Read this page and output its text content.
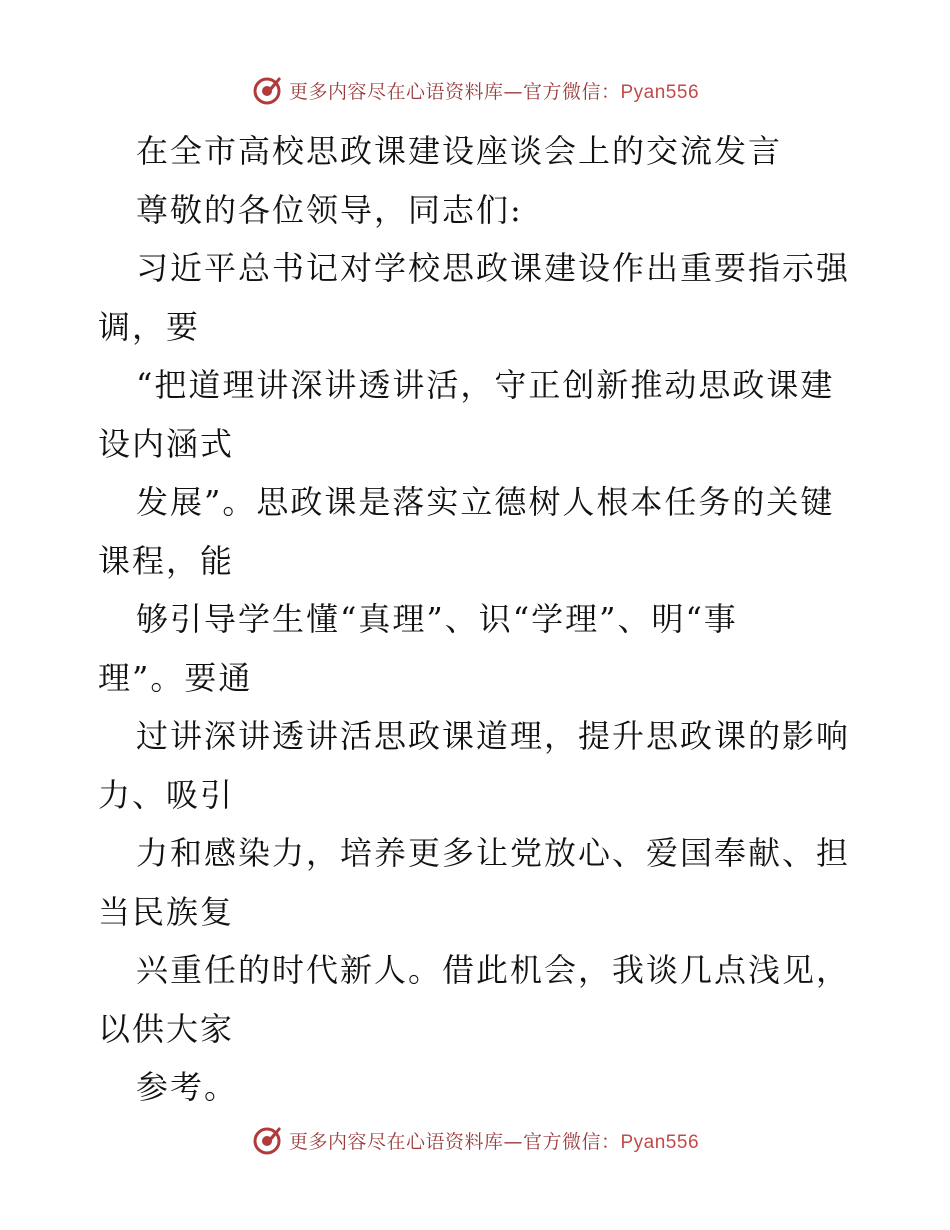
更多内容尽在心语资料库—官方微信：Pyan556
在全市高校思政课建设座谈会上的交流发言
尊敬的各位领导，同志们:
习近平总书记对学校思政课建设作出重要指示强
调，要
“把道理讲深讲透讲活，守正创新推动思政课建
设内涵式
发展”。思政课是落实立德树人根本任务的关键
课程，能
够引导学生懂“真理”、识“学理”、明“事
理”。要通
过讲深讲透讲活思政课道理，提升思政课的影响
力、吸引
力和感染力，培养更多让党放心、爱国奉献、担
当民族复
兴重任的时代新人。借此机会，我谈几点浅见，
以供大家
参考。
更多内容尽在心语资料库—官方微信：Pyan556
